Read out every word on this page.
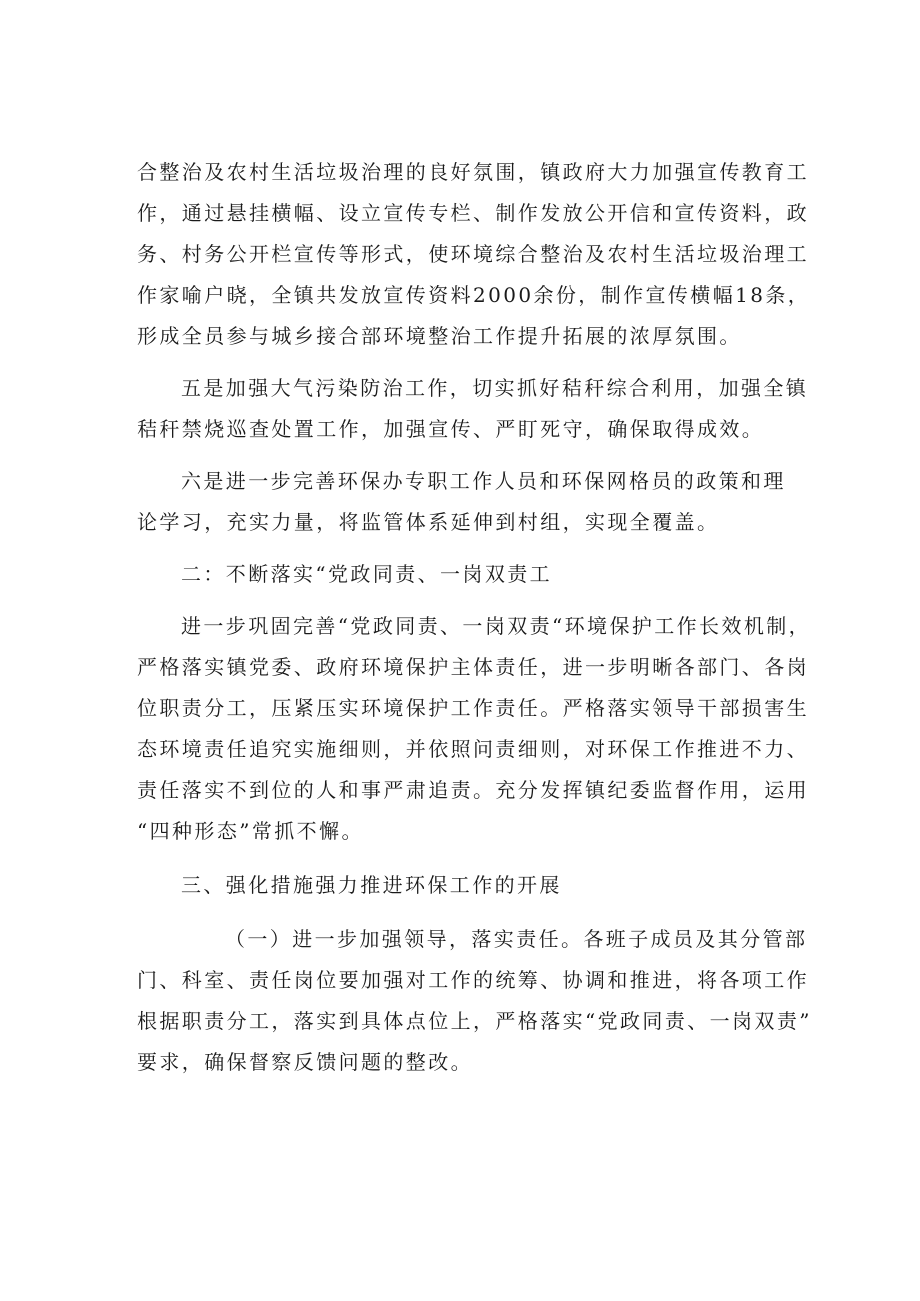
合整治及农村生活垃圾治理的良好氛围，镇政府大力加强宣传教育工
作，通过悬挂横幅、设立宣传专栏、制作发放公开信和宣传资料，政
务、村务公开栏宣传等形式，使环境综合整治及农村生活垃圾治理工
作家喻户晓，全镇共发放宣传资料2000余份，制作宣传横幅18条，
形成全员参与城乡接合部环境整治工作提升拓展的浓厚氛围。
五是加强大气污染防治工作，切实抓好秸秆综合利用，加强全镇
秸秆禁烧巡查处置工作，加强宣传、严盯死守，确保取得成效。
六是进一步完善环保办专职工作人员和环保网格员的政策和理
论学习，充实力量，将监管体系延伸到村组，实现全覆盖。
二：不断落实“党政同责、一岗双责工
进一步巩固完善“党政同责、一岗双责“环境保护工作长效机制，
严格落实镇党委、政府环境保护主体责任，进一步明晰各部门、各岗
位职责分工，压紧压实环境保护工作责任。严格落实领导干部损害生
态环境责任追究实施细则，并依照问责细则，对环保工作推进不力、
责任落实不到位的人和事严肃追责。充分发挥镇纪委监督作用，运用
“四种形态”常抓不懈。
三、强化措施强力推进环保工作的开展
（一）进一步加强领导，落实责任。各班子成员及其分管部
门、科室、责任岗位要加强对工作的统筹、协调和推进，将各项工作
根据职责分工，落实到具体点位上，严格落实“党政同责、一岗双责”
要求，确保督察反馈问题的整改。
